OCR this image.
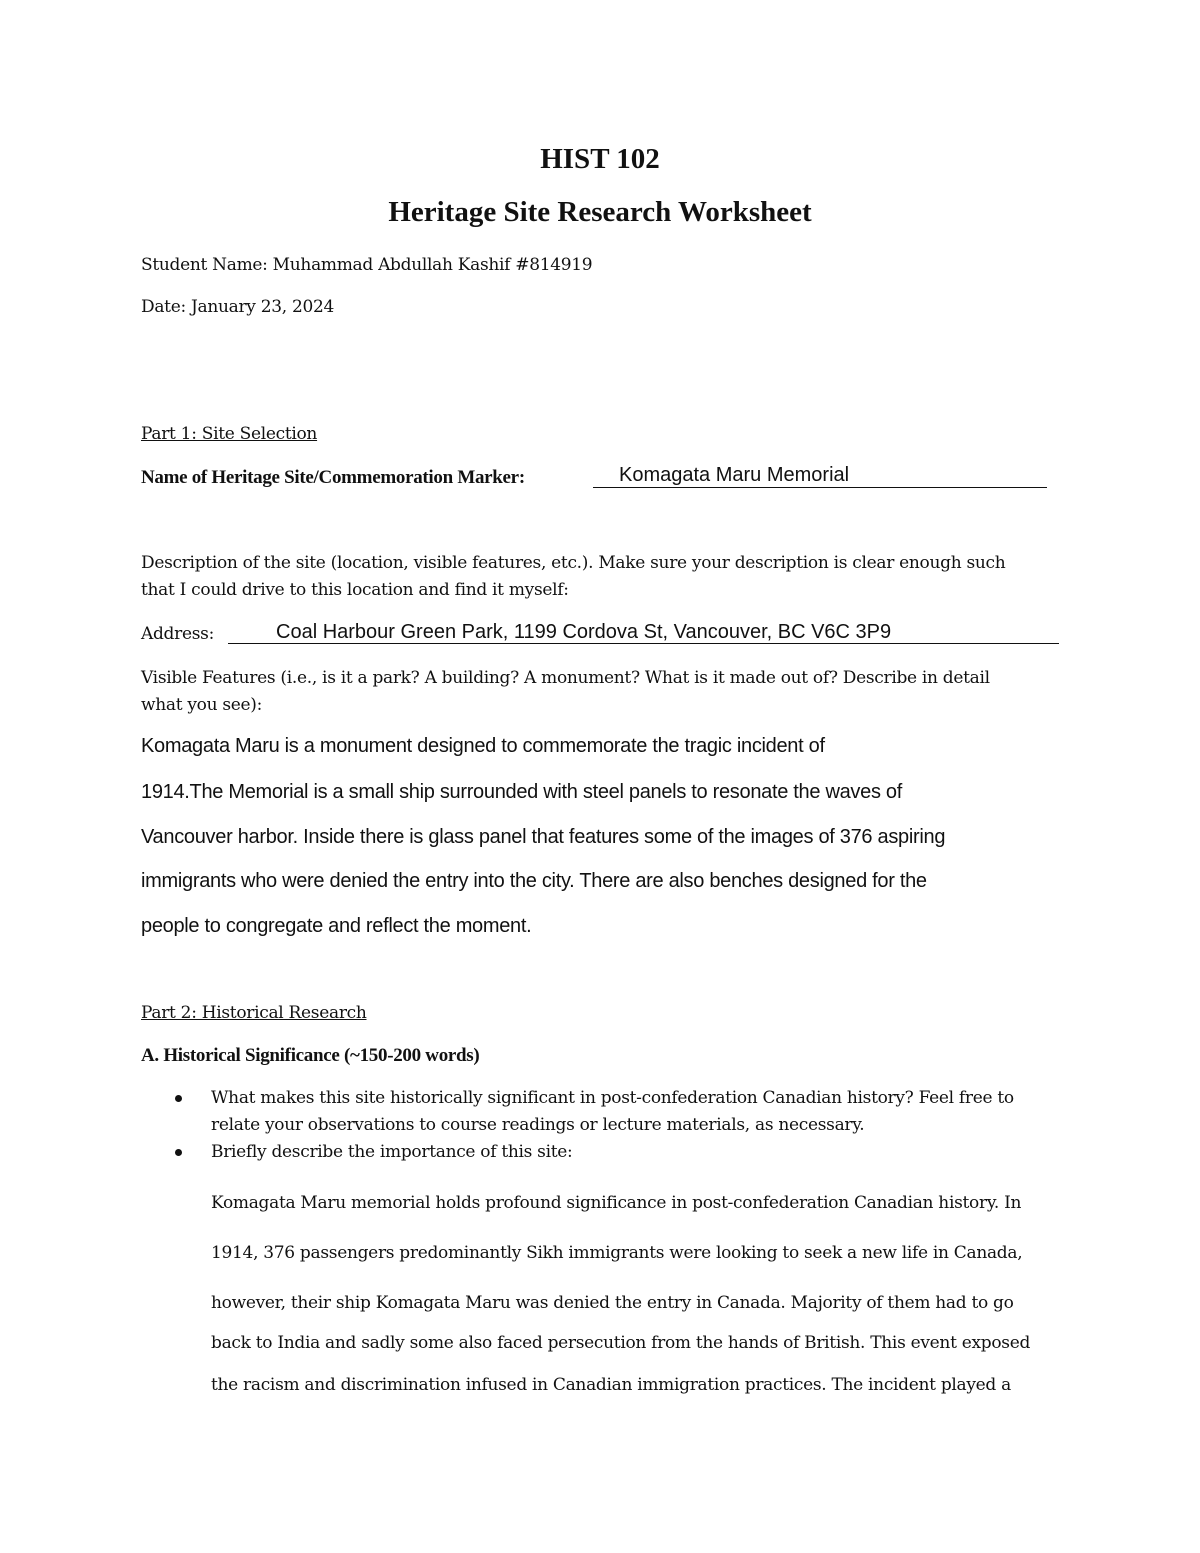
HIST 102
Heritage Site Research Worksheet
Student Name: Muhammad Abdullah Kashif #814919
Date: January 23, 2024
Part 1: Site Selection
Name of Heritage Site/Commemoration Marker:	Komagata Maru Memorial
Description of the site (location, visible features, etc.). Make sure your description is clear enough such
that I could drive to this location and find it myself:
Address:	Coal Harbour Green Park, 1199 Cordova St, Vancouver, BC V6C 3P9
Visible Features (i.e., is it a park? A building? A monument? What is it made out of? Describe in detail
what you see):
Komagata Maru is a monument designed to commemorate the tragic incident of
1914.The Memorial is a small ship surrounded with steel panels to resonate the waves of
Vancouver harbor. Inside there is glass panel that features some of the images of 376 aspiring
immigrants who were denied the entry into the city. There are also benches designed for the
people to congregate and reflect the moment.
Part 2: Historical Research
A. Historical Significance (~150-200 words)
What makes this site historically significant in post-confederation Canadian history? Feel free to
relate your observations to course readings or lecture materials, as necessary.
Briefly describe the importance of this site:
Komagata Maru memorial holds profound significance in post-confederation Canadian history. In
1914, 376 passengers predominantly Sikh immigrants were looking to seek a new life in Canada,
however, their ship Komagata Maru was denied the entry in Canada. Majority of them had to go
back to India and sadly some also faced persecution from the hands of British. This event exposed
the racism and discrimination infused in Canadian immigration practices. The incident played a
